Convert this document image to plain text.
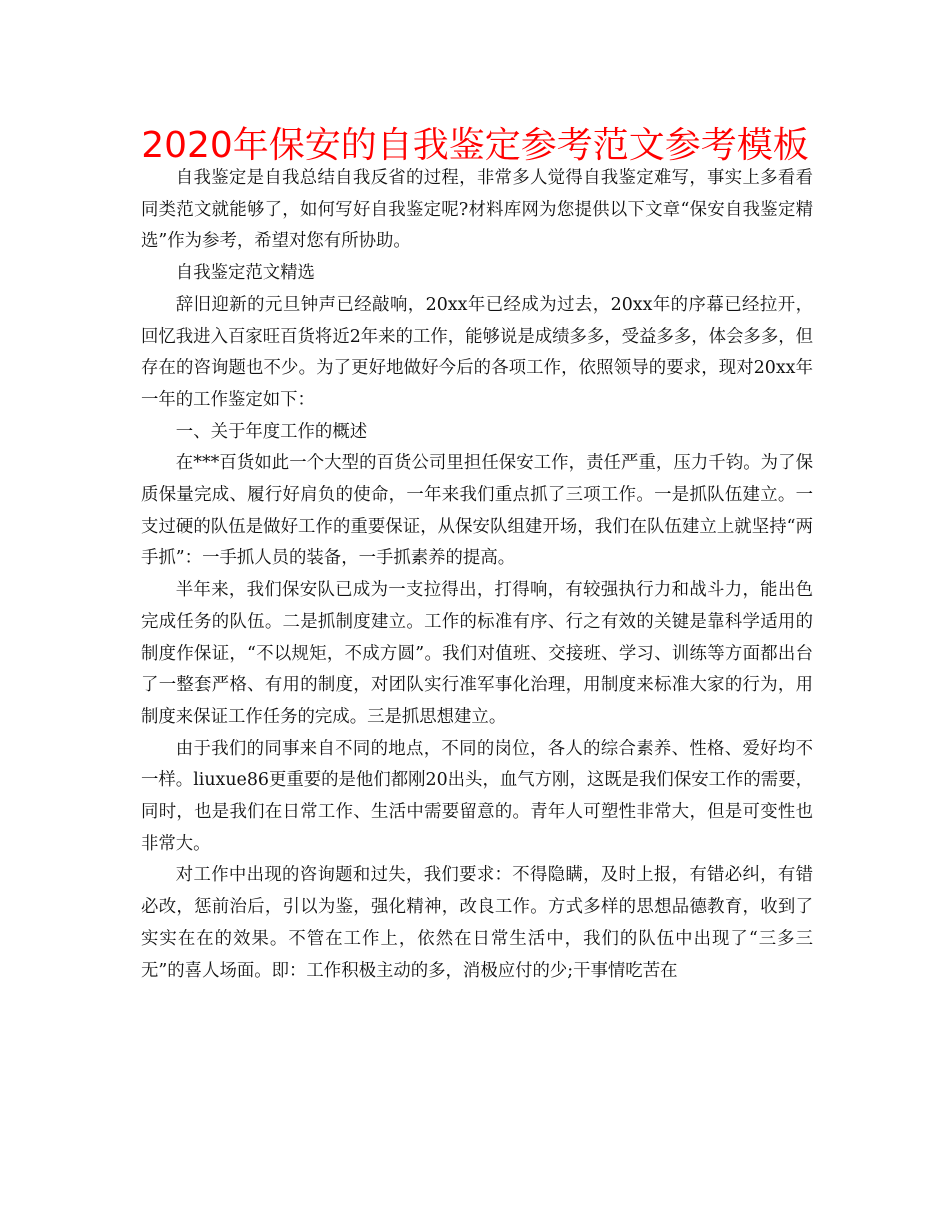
2020年保安的自我鉴定参考范文参考模板

自我鉴定是自我总结自我反省的过程，非常多人觉得自我鉴定难写，事实上多看看同类范文就能够了，如何写好自我鉴定呢?材料库网为您提供以下文章“保安自我鉴定精选”作为参考，希望对您有所协助。

自我鉴定范文精选

辞旧迎新的元旦钟声已经敲响，20xx年已经成为过去，20xx年的序幕已经拉开，回忆我进入百家旺百货将近2年来的工作，能够说是成绩多多，受益多多，体会多多，但存在的咨询题也不少。为了更好地做好今后的各项工作，依照领导的要求，现对20xx年一年的工作鉴定如下：

一、关于年度工作的概述

在***百货如此一个大型的百货公司里担任保安工作，责任严重，压力千钧。为了保质保量完成、履行好肩负的使命，一年来我们重点抓了三项工作。一是抓队伍建立。一支过硬的队伍是做好工作的重要保证，从保安队组建开场，我们在队伍建立上就坚持“两手抓”：一手抓人员的装备，一手抓素养的提高。

半年来，我们保安队已成为一支拉得出，打得响，有较强执行力和战斗力，能出色完成任务的队伍。二是抓制度建立。工作的标准有序、行之有效的关键是靠科学适用的制度作保证，“不以规矩，不成方圆”。我们对值班、交接班、学习、训练等方面都出台了一整套严格、有用的制度，对团队实行准军事化治理，用制度来标准大家的行为，用制度来保证工作任务的完成。三是抓思想建立。

由于我们的同事来自不同的地点，不同的岗位，各人的综合素养、性格、爱好均不一样。liuxue86更重要的是他们都刚20出头，血气方刚，这既是我们保安工作的需要，同时，也是我们在日常工作、生活中需要留意的。青年人可塑性非常大，但是可变性也非常大。

对工作中出现的咨询题和过失，我们要求：不得隐瞒，及时上报，有错必纠，有错必改，惩前治后，引以为鉴，强化精神，改良工作。方式多样的思想品德教育，收到了实实在在的效果。不管在工作上，依然在日常生活中，我们的队伍中出现了“三多三无”的喜人场面。即：工作积极主动的多，消极应付的少;干事情吃苦在
